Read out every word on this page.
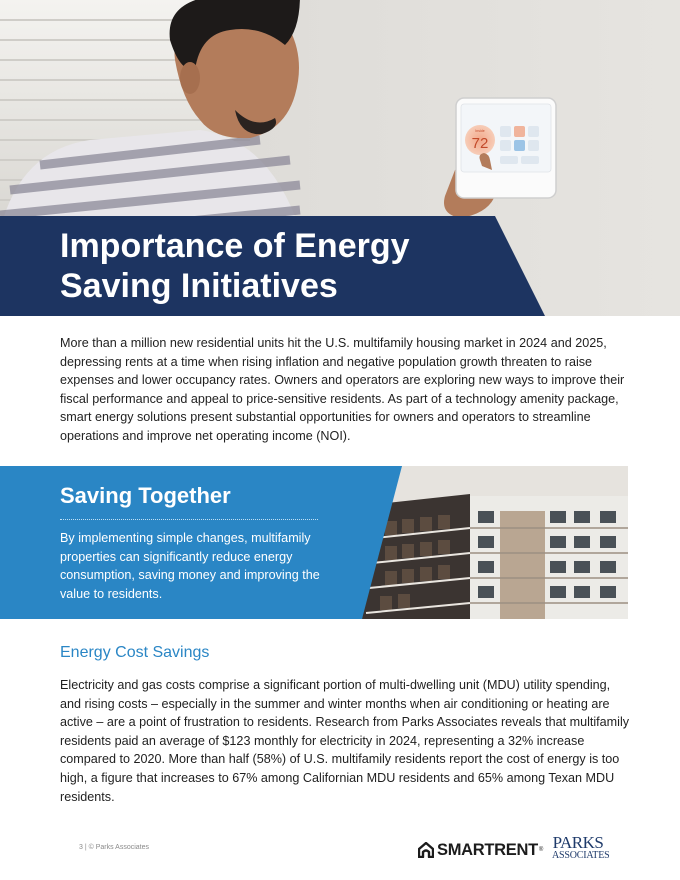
72
Inside
Importance of Energy Saving Initiatives

More than a million new residential units hit the U.S. multifamily housing market in 2024 and 2025, depressing rents at a time when rising inflation and negative population growth threaten to raise expenses and lower occupancy rates. Owners and operators are exploring new ways to improve their fiscal performance and appeal to price-sensitive residents. As part of a technology amenity package, smart energy solutions present substantial opportunities for owners and operators to streamline operations and improve net operating income (NOI).

Saving Together

By implementing simple changes, multifamily properties can significantly reduce energy consumption, saving money and improving the value to residents.

Energy Cost Savings

Electricity and gas costs comprise a significant portion of multi-dwelling unit (MDU) utility spending, and rising costs – especially in the summer and winter months when air conditioning or heating are active – are a point of frustration to residents. Research from Parks Associates reveals that multifamily residents paid an average of $123 monthly for electricity in 2024, representing a 32% increase compared to 2020. More than half (58%) of U.S. multifamily residents report the cost of energy is too high, a figure that increases to 67% among Californian MDU residents and 65% among Texan MDU residents.

3 | © Parks Associates	SMARTRENT ® PARKS
ASSOCIATES
